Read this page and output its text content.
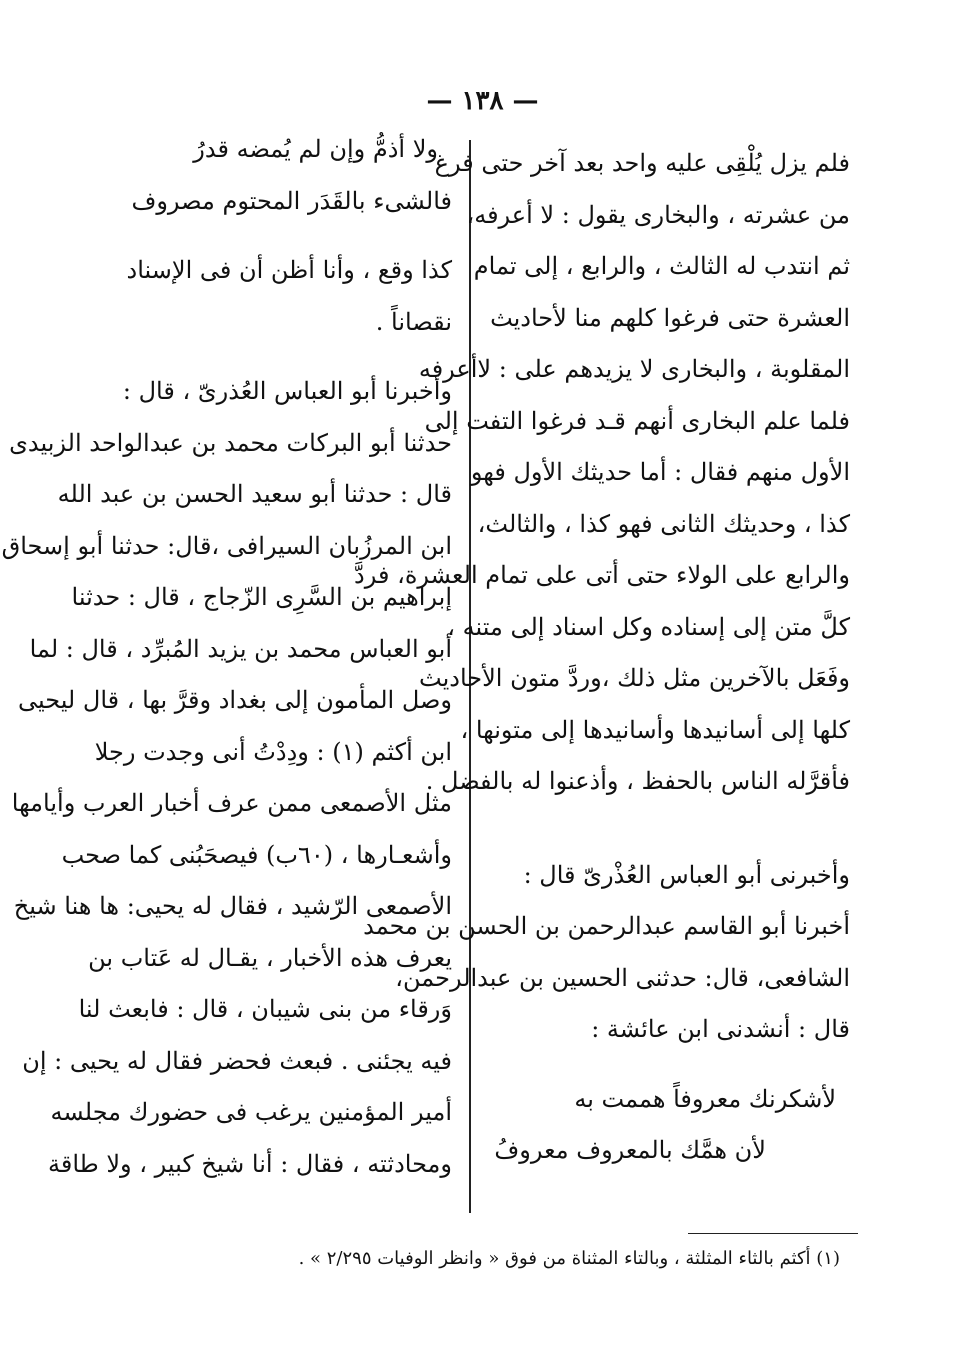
— ١٣٨ —

فلم يزل يُلْقِى عليه واحد بعد آخر حتى فرغ
من عشرته ، والبخارى يقول : لا أعرفه،
ثم انتدب له الثالث ، والرابع ، إلى تمام
العشرة حتى فرغوا كلهم منا لأحاديث
المقلوبة ، والبخارى لا يزيدهم على : لاأعرفه
فلما علم البخارى أنهم قـد فرغوا التفت إلى
الأول منهم فقال : أما حديثك الأول فهو
كذا ، وحديثك الثانى فهو كذا ، والثالث،
والرابع على الولاء حتى أتى على تمام العشرة، فردَّ
كلَّ متن إلى إسناده وكل اسناد إلى متنه ،
وفَعَل بالآخرين مثل ذلك ،وردَّ متون الأحاديث
كلها إلى أسانيدها وأسانيدها إلى متونها ،
فأقرَّله الناس بالحفظ ، وأذعنوا له بالفضل .

وأخبرنى أبو العباس العُذْرىّ قال :
أخبرنا أبو القاسم عبدالرحمن بن الحسن بن محمد
الشافعى، قال: حدثنى الحسين بن عبدالرحمن،
قال : أنشدنى ابن عائشة :

لأشكرنك معروفاً هممت به
لأن همَّك بالمعروف معروفُ

ولا أذمُّ وإن لم يُمضه قدرُ
فالشىء بالقَدَر المحتوم مصروف

كذا وقع ، وأنا أظن أن فى الإسناد
نقصاناً .

وأخبرنا أبو العباس العُذرىّ ، قال :
حدثنا أبو البركات محمد بن عبدالواحد الزبيدى
قال : حدثنا أبو سعيد الحسن بن عبد الله
ابن المرزُبان السيرافى ،قال: حدثنا أبو إسحاق
إبراهيم بن السَّرِى الزّجاج ، قال : حدثنا
أبو العباس محمد بن يزيد المُبرِّد ، قال : لما
وصل المأمون إلى بغداد وقرَّ بها ، قال ليحيى
ابن أكثم (١) : ودِدْتُ أنى وجدت رجلا
مثل الأصمعى ممن عرف أخبار العرب وأيامها
وأشعـارها ، (٦٠ب) فيصحَبُنى كما صحب
الأصمعى الرّشيد ، فقال له يحيى: ها هنا شيخ
يعرف هذه الأخبار ، يقـال له عَتاب بن
وَرقاء من بنى شيبان ، قال : فابعث لنا
فيه يجئنى . فبعث فحضر فقال له يحيى : إن
أمير المؤمنين يرغب فى حضورك مجلسه
ومحادثته ، فقال : أنا شيخ كبير ، ولا طاقة

(١) أكثم بالثاء المثلثة ، وبالتاء المثناة من فوق « وانظر الوفيات ٢/٢٩٥ » .
